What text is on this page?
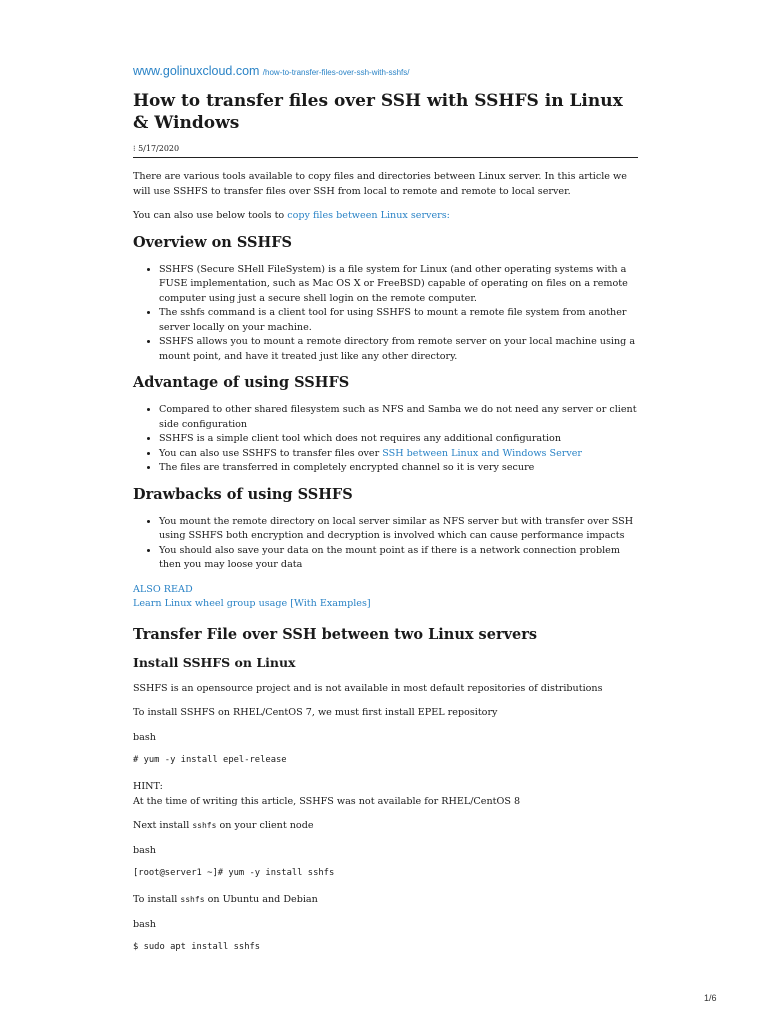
www.golinuxcloud.com /how-to-transfer-files-over-ssh-with-sshfs/
How to transfer files over SSH with SSHFS in Linux & Windows
⁝ 5/17/2020

There are various tools available to copy files and directories between Linux server. In this article we will use SSHFS to transfer files over SSH from local to remote and remote to local server.

You can also use below tools to copy files between Linux servers:

Overview on SSHFS
• SSHFS (Secure SHell FileSystem) is a file system for Linux (and other operating systems with a FUSE implementation, such as Mac OS X or FreeBSD) capable of operating on files on a remote computer using just a secure shell login on the remote computer.
• The sshfs command is a client tool for using SSHFS to mount a remote file system from another server locally on your machine.
• SSHFS allows you to mount a remote directory from remote server on your local machine using a mount point, and have it treated just like any other directory.
Advantage of using SSHFS
• Compared to other shared filesystem such as NFS and Samba we do not need any server or client side configuration
• SSHFS is a simple client tool which does not requires any additional configuration
• You can also use SSHFS to transfer files over SSH between Linux and Windows Server
• The files are transferred in completely encrypted channel so it is very secure
Drawbacks of using SSHFS
• You mount the remote directory on local server similar as NFS server but with transfer over SSH using SSHFS both encryption and decryption is involved which can cause performance impacts
• You should also save your data on the mount point as if there is a network connection problem then you may loose your data

ALSO READ
Learn Linux wheel group usage [With Examples]

Transfer File over SSH between two Linux servers
Install SSHFS on Linux

SSHFS is an opensource project and is not available in most default repositories of distributions

To install SSHFS on RHEL/CentOS 7, we must first install EPEL repository

bash

# yum -y install epel-release

HINT:
At the time of writing this article, SSHFS was not available for RHEL/CentOS 8

Next install sshfs on your client node

bash

[root@server1 ~]# yum -y install sshfs

To install sshfs on Ubuntu and Debian

bash

$ sudo apt install sshfs
1/6
